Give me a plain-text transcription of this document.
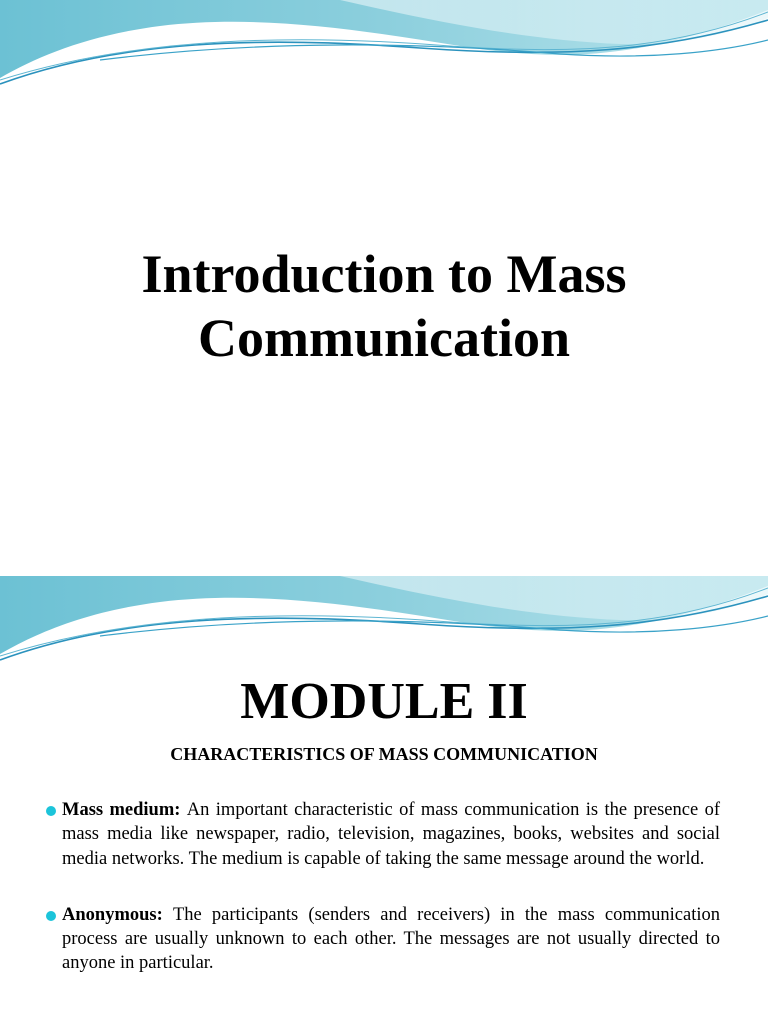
Introduction to Mass
Communication
MODULE II
CHARACTERISTICS OF MASS COMMUNICATION
Mass medium: An important characteristic of mass communication is the presence of mass media like newspaper, radio, television, magazines, books, websites and social media networks. The medium is capable of taking the same message around the world.
Anonymous: The participants (senders and receivers) in the mass communication process are usually unknown to each other. The messages are not usually directed to anyone in particular.
